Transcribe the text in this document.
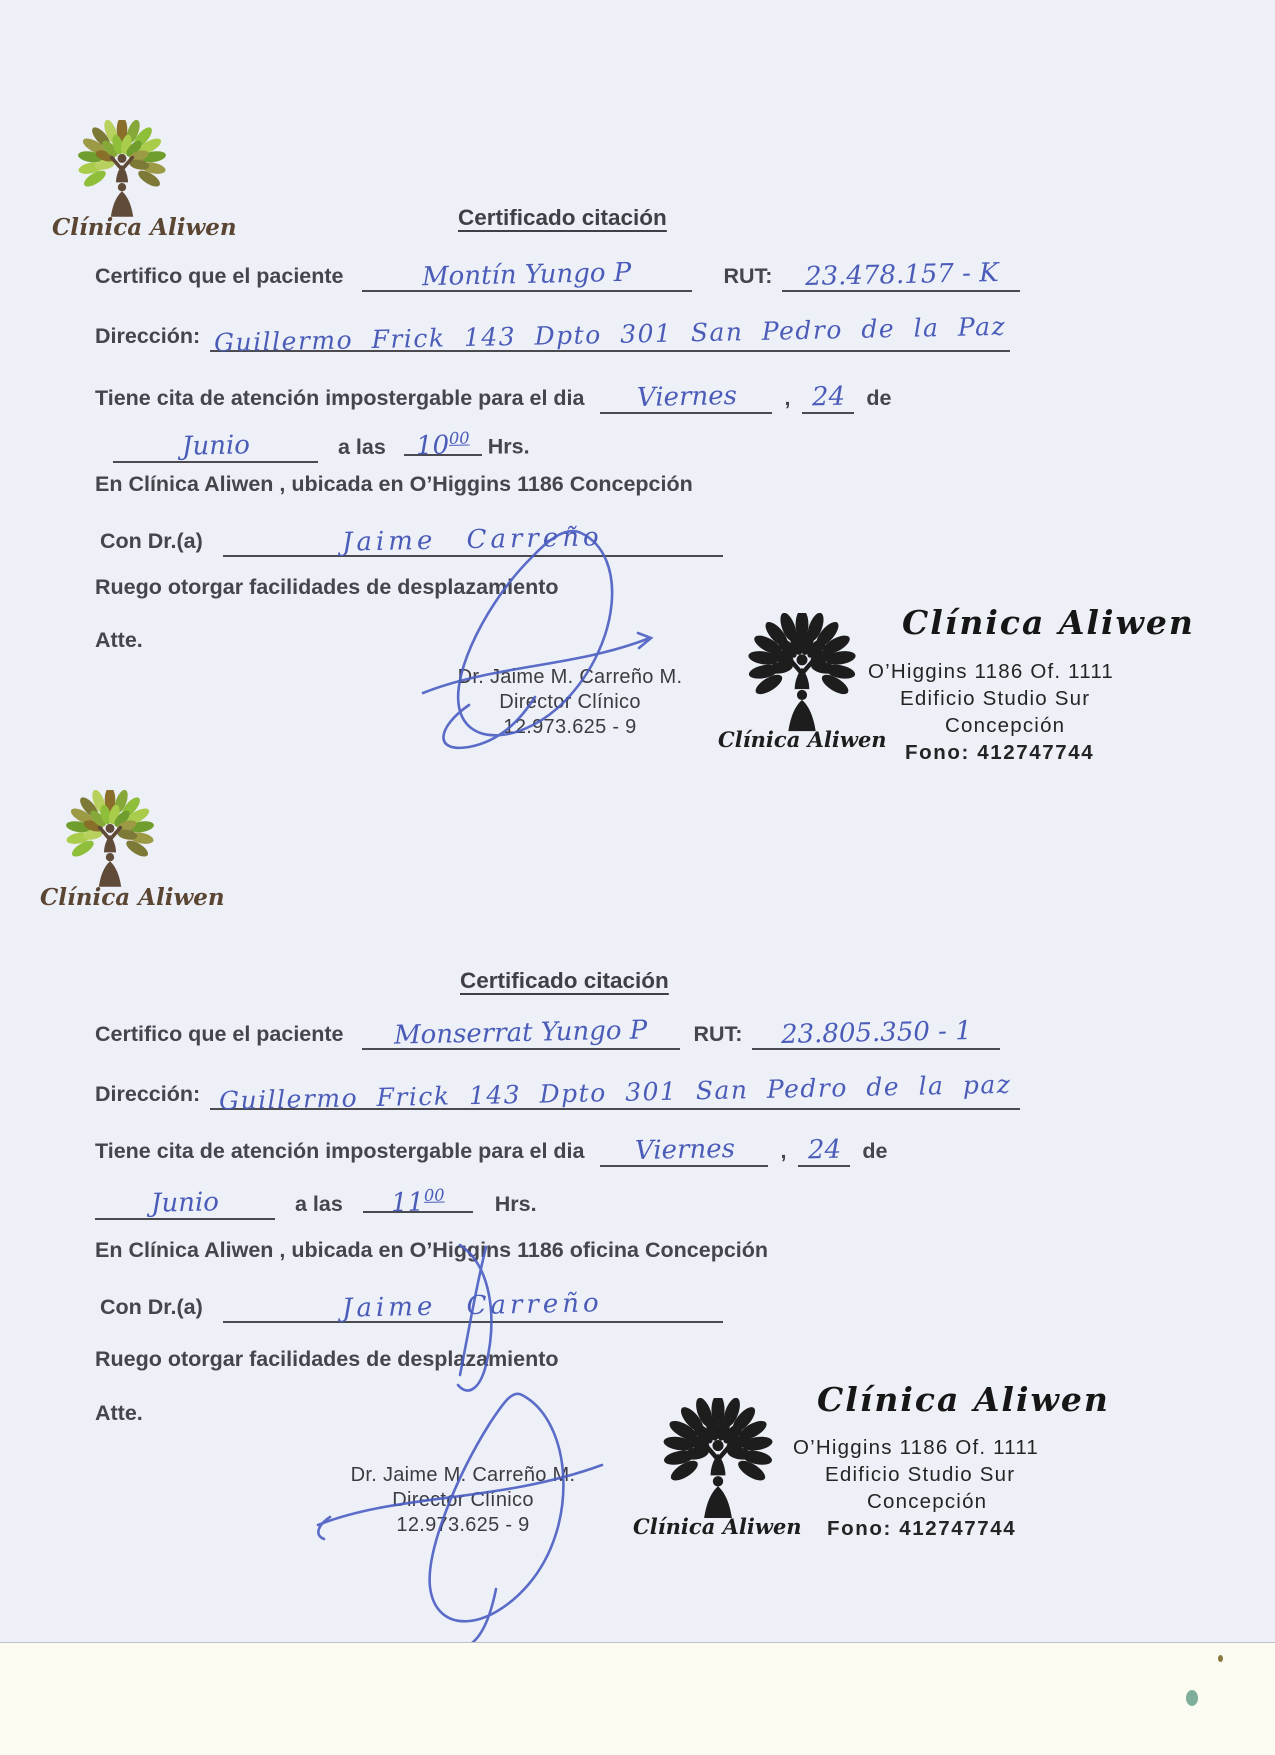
Clínica Aliwen	Certificado citación
Certifico que el paciente	Montín Yungo P	RUT: 23.478.157 - K
Dirección: Guillermo Frick 143 Dpto 301 San Pedro de la Paz
Tiene cita de atención impostergable para el dia Viernes , 24 de
Junio	a las $10^{00}$ Hrs.
En Clínica Aliwen , ubicada en O’Higgins 1186 Concepción
Con Dr.(a)	Jaime Carreño
Ruego otorgar facilidades de desplazamiento
Atte.
Dr. Jaime M. Carreño M.
Director Clínico
12.973.625 - 9	Clínica Aliwen
Clínica Aliwen
O’Higgins 1186 Of. 1111
Edificio Studio Sur
Concepción
Fono: 412747744
Clínica Aliwen
Certificado citación
Certifico que el paciente Monserrat Yungo P RUT: 23.805.350 - 1
Dirección: Guillermo Frick 143 Dpto 301 San Pedro de la paz
Tiene cita de atención impostergable para el dia Viernes , 24 de
Junio	a las $11^{00}$ Hrs.
En Clínica Aliwen , ubicada en O’Higgins 1186 oficina Concepción
Con Dr.(a)	Jaime Carreño
Ruego otorgar facilidades de desplazamiento
Atte.
Dr. Jaime M. Carreño M.
Director Clínico
12.973.625 - 9	Clínica Aliwen
Clínica Aliwen
O’Higgins 1186 Of. 1111
Edificio Studio Sur
Concepción
Fono: 412747744
